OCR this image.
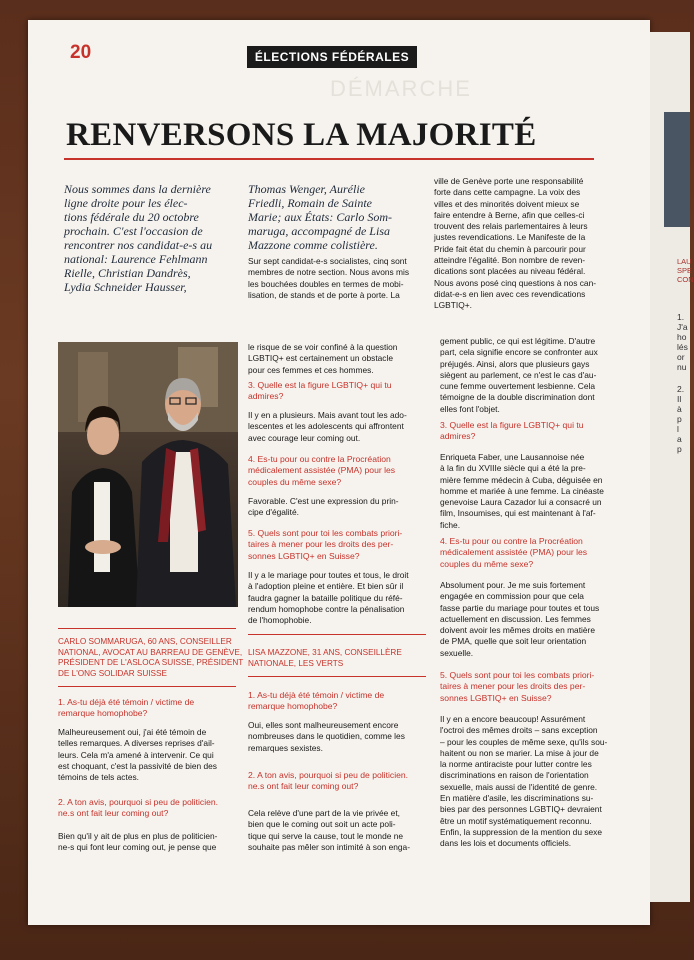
LAU
SPE
CON
1.
J'a
ho
lés
or
nu
2.
Il
à
p
l
a
p
20	ÉLECTIONS FÉDÉRALES
DÉMARCHE
RENVERSONS LA MAJORITÉ
Nous sommes dans la dernière
ligne droite pour les élec-
tions fédérale du 20 octobre
prochain. C'est l'occasion de
rencontrer nos candidat-e-s au
national: Laurence Fehlmann
Rielle, Christian Dandrès,
Lydia Schneider Hausser,
Thomas Wenger, Aurélie
Friedli, Romain de Sainte
Marie; aux États: Carlo Som-
maruga, accompagné de Lisa
Mazzone comme colistière.
Sur sept candidat-e-s socialistes, cinq sont
membres de notre section. Nous avons mis
les bouchées doubles en termes de mobi-
lisation, de stands et de porte à porte. La
ville de Genève porte une responsabilité
forte dans cette campagne. La voix des
villes et des minorités doivent mieux se
faire entendre à Berne, afin que celles-ci
trouvent des relais parlementaires à leurs
justes revendications. Le Manifeste de la
Pride fait état du chemin à parcourir pour
atteindre l'égalité. Bon nombre de reven-
dications sont placées au niveau fédéral.
Nous avons posé cinq questions à nos can-
didat-e-s en lien avec ces revendications
LGBTIQ+.
CARLO SOMMARUGA, 60 ANS, CONSEILLER
NATIONAL, AVOCAT AU BARREAU DE GENÈVE,
PRÉSIDENT DE L'ASLOCA SUISSE, PRÉSIDENT
DE L'ONG SOLIDAR SUISSE
1. As-tu déjà été témoin / victime de
remarque homophobe?
Malheureusement oui, j'ai été témoin de
telles remarques. A diverses reprises d'ail-
leurs. Cela m'a amené à intervenir. Ce qui
est choquant, c'est la passivité de bien des
témoins de tels actes.
2. A ton avis, pourquoi si peu de politicien.
ne.s ont fait leur coming out?
Bien qu'il y ait de plus en plus de politicien-
ne-s qui font leur coming out, je pense que
le risque de se voir confiné à la question
LGBTIQ+ est certainement un obstacle
pour ces femmes et ces hommes.
3. Quelle est la figure LGBTIQ+ qui tu
admires?
Il y en a plusieurs. Mais avant tout les ado-
lescentes et les adolescents qui affrontent
avec courage leur coming out.
4. Es-tu pour ou contre la Procréation
médicalement assistée (PMA) pour les
couples du même sexe?
Favorable. C'est une expression du prin-
cipe d'égalité.
5. Quels sont pour toi les combats priori-
taires à mener pour les droits des per-
sonnes LGBTIQ+ en Suisse?
Il y a le mariage pour toutes et tous, le droit
à l'adoption pleine et entière. Et bien sûr il
faudra gagner la bataille politique du réfé-
rendum homophobe contre la pénalisation
de l'homophobie.
LISA MAZZONE, 31 ANS, CONSEILLÈRE
NATIONALE, LES VERTS
1. As-tu déjà été témoin / victime de
remarque homophobe?
Oui, elles sont malheureusement encore
nombreuses dans le quotidien, comme les
remarques sexistes.
2. A ton avis, pourquoi si peu de politicien.
ne.s ont fait leur coming out?
Cela relève d'une part de la vie privée et,
bien que le coming out soit un acte poli-
tique qui serve la cause, tout le monde ne
souhaite pas mêler son intimité à son enga-
gement public, ce qui est légitime. D'autre
part, cela signifie encore se confronter aux
préjugés. Ainsi, alors que plusieurs gays
siègent au parlement, ce n'est le cas d'au-
cune femme ouvertement lesbienne. Cela
témoigne de la double discrimination dont
elles font l'objet.
3. Quelle est la figure LGBTIQ+ qui tu
admires?
Enriqueta Faber, une Lausannoise née
à la fin du XVIIIe siècle qui a été la pre-
mière femme médecin à Cuba, déguisée en
homme et mariée à une femme. La cinéaste
genevoise Laura Cazador lui a consacré un
film, Insoumises, qui est maintenant à l'af-
fiche.
4. Es-tu pour ou contre la Procréation
médicalement assistée (PMA) pour les
couples du même sexe?
Absolument pour. Je me suis fortement
engagée en commission pour que cela
fasse partie du mariage pour toutes et tous
actuellement en discussion. Les femmes
doivent avoir les mêmes droits en matière
de PMA, quelle que soit leur orientation
sexuelle.
5. Quels sont pour toi les combats priori-
taires à mener pour les droits des per-
sonnes LGBTIQ+ en Suisse?
Il y en a encore beaucoup! Assurément
l'octroi des mêmes droits – sans exception
– pour les couples de même sexe, qu'ils sou-
haitent ou non se marier. La mise à jour de
la norme antiraciste pour lutter contre les
discriminations en raison de l'orientation
sexuelle, mais aussi de l'identité de genre.
En matière d'asile, les discriminations su-
bies par des personnes LGBTIQ+ devraient
être un motif systématiquement reconnu.
Enfin, la suppression de la mention du sexe
dans les lois et documents officiels.
